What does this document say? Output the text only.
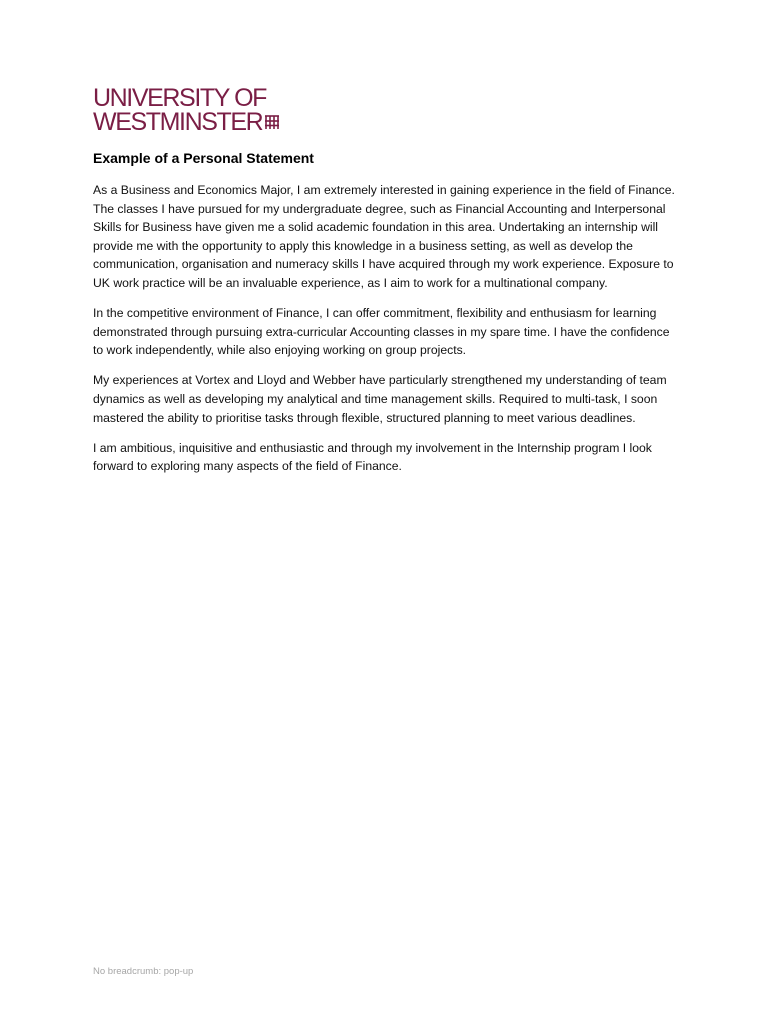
UNIVERSITY OF
WESTMINSTER
Example of a Personal Statement

As a Business and Economics Major, I am extremely interested in gaining experience in the field of Finance. The classes I have pursued for my undergraduate degree, such as Financial Accounting and Interpersonal Skills for Business have given me a solid academic foundation in this area. Undertaking an internship will provide me with the opportunity to apply this knowledge in a business setting, as well as develop the communication, organisation and numeracy skills I have acquired through my work experience. Exposure to UK work practice will be an invaluable experience, as I aim to work for a multinational company.

In the competitive environment of Finance, I can offer commitment, flexibility and enthusiasm for learning demonstrated through pursuing extra-curricular Accounting classes in my spare time. I have the confidence to work independently, while also enjoying working on group projects.

My experiences at Vortex and Lloyd and Webber have particularly strengthened my understanding of team dynamics as well as developing my analytical and time management skills. Required to multi-task, I soon mastered the ability to prioritise tasks through flexible, structured planning to meet various deadlines.

I am ambitious, inquisitive and enthusiastic and through my involvement in the Internship program I look forward to exploring many aspects of the field of Finance.

No breadcrumb: pop-up
